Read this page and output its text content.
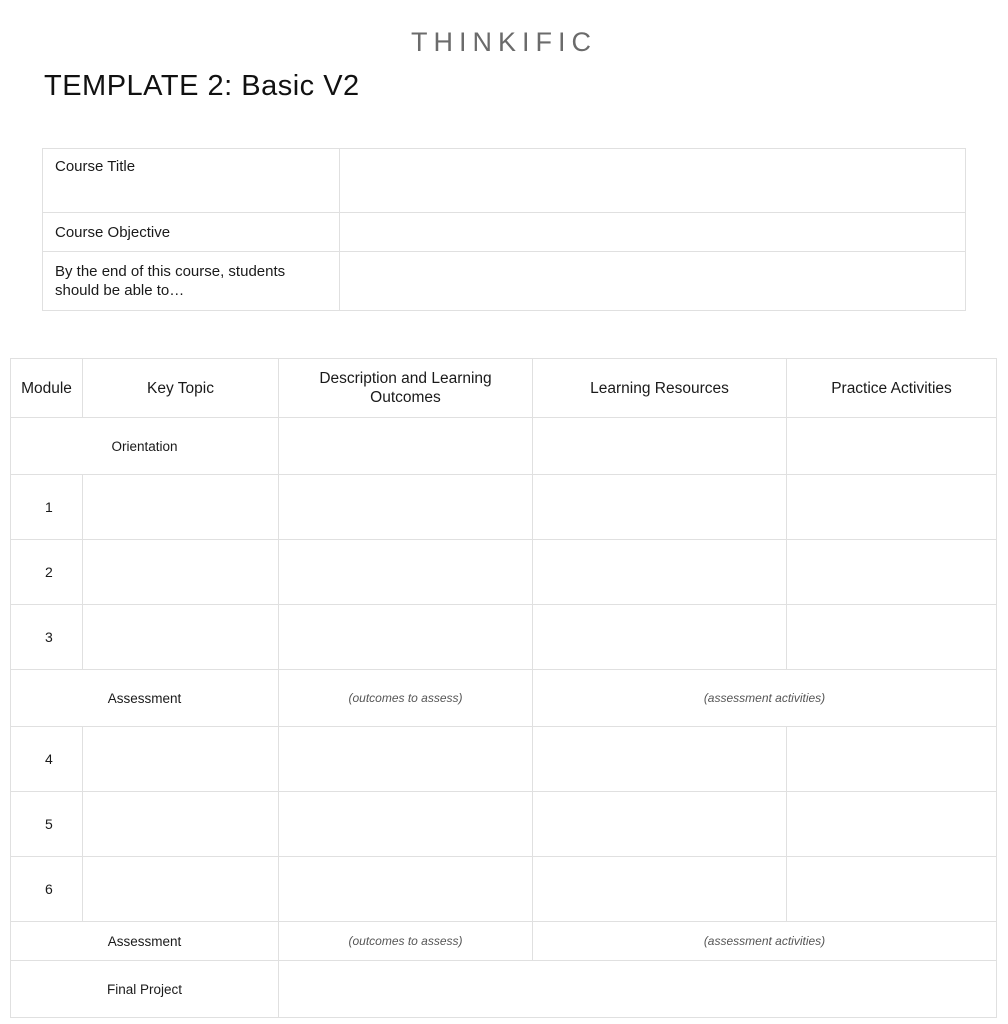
THINKIFIC
TEMPLATE 2: Basic V2
Course Title	
Course Objective	
By the end of this course, students should be able to…	
Module	Key Topic	Description and Learning Outcomes	Learning Resources	Practice Activities
Orientation				
1				
2				
3				
Assessment		(outcomes to assess)	(assessment activities)	
4				
5				
6				
Assessment		(outcomes to assess)	(assessment activities)	
Final Project				
